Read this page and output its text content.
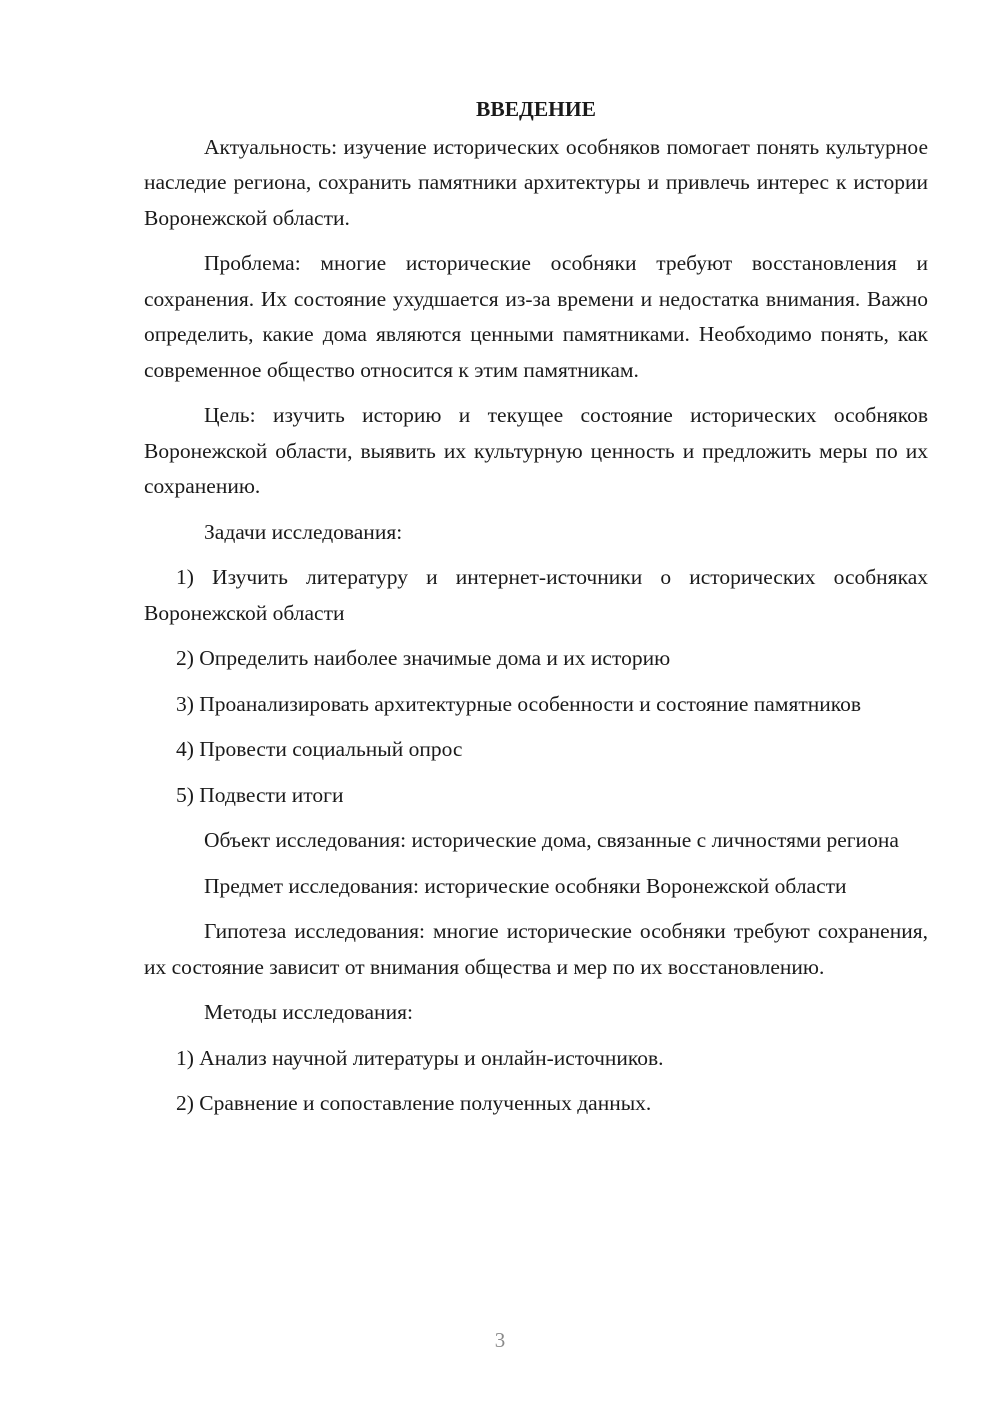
ВВЕДЕНИЕ

Актуальность: изучение исторических особняков помогает понять культурное наследие региона, сохранить памятники архитектуры и привлечь интерес к истории Воронежской области.

Проблема: многие исторические особняки требуют восстановления и сохранения. Их состояние ухудшается из-за времени и недостатка внимания. Важно определить, какие дома являются ценными памятниками. Необходимо понять, как современное общество относится к этим памятникам.

Цель: изучить историю и текущее состояние исторических особняков Воронежской области, выявить их культурную ценность и предложить меры по их сохранению.

Задачи исследования:

1) Изучить литературу и интернет-источники о исторических особняках Воронежской области

2) Определить наиболее значимые дома и их историю

3) Проанализировать архитектурные особенности и состояние памятников

4) Провести социальный опрос

5) Подвести итоги

Объект исследования: исторические дома, связанные с личностями региона

Предмет исследования: исторические особняки Воронежской области

Гипотеза исследования: многие исторические особняки требуют сохранения, их состояние зависит от внимания общества и мер по их восстановлению.

Методы исследования:

1) Анализ научной литературы и онлайн-источников.

2) Сравнение и сопоставление полученных данных.

3
